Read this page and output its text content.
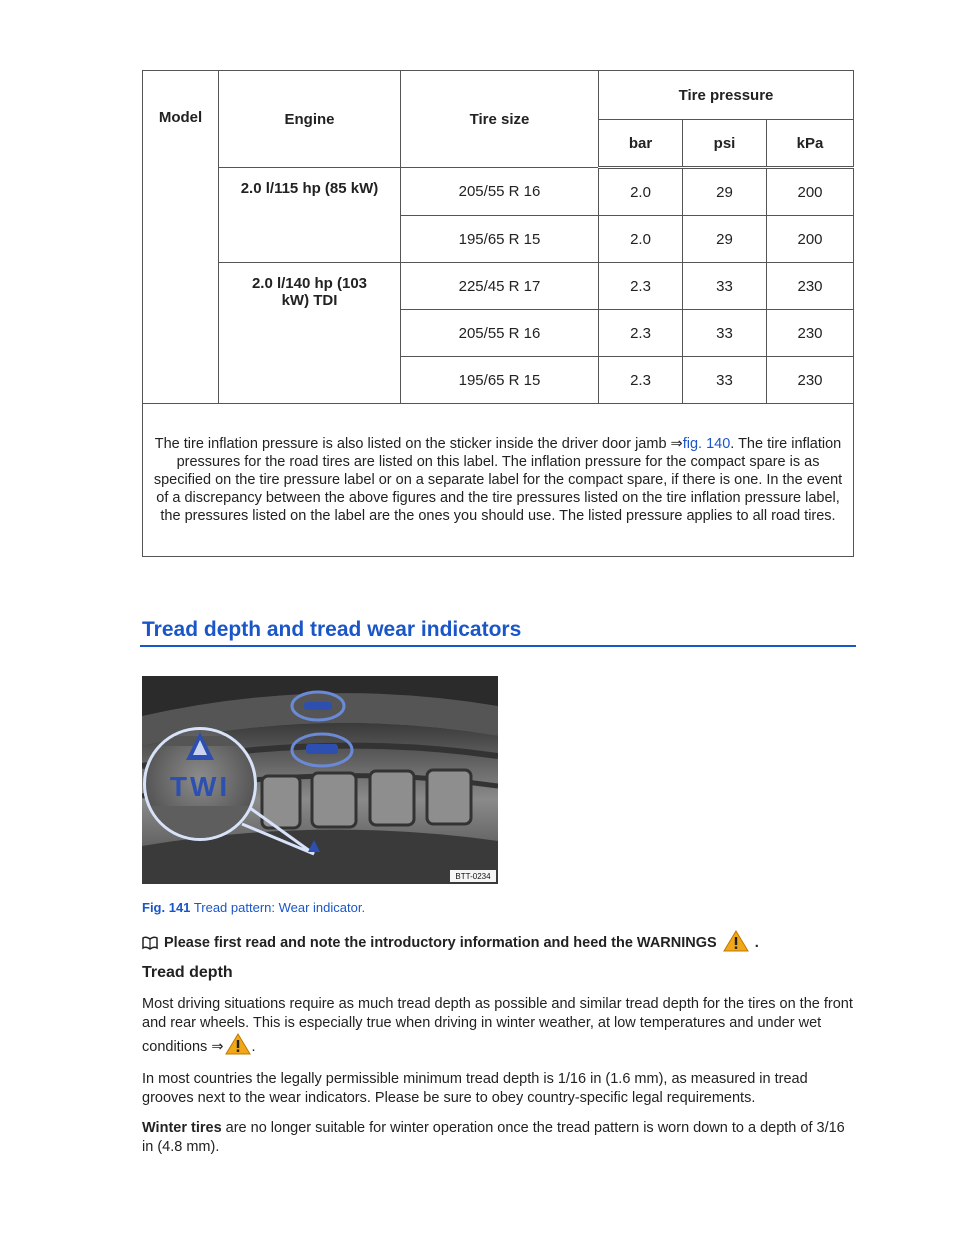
Model	Engine	Tire size	Tire pressure		
			bar	psi	kPa
	2.0 l/115 hp (85 kW)	205/55 R 16	2.0	29	200
		195/65 R 15	2.0	29	200
	2.0 l/140 hp (103 kW) TDI	225/45 R 17	2.3	33	230
		205/55 R 16	2.3	33	230
		195/65 R 15	2.3	33	230
The tire inflation pressure is also listed on the sticker inside the driver door jamb ⇒fig. 140. The tire inflation pressures for the road tires are listed on this label. The inflation pressure for the compact spare is as specified on the tire pressure label or on a separate label for the compact spare, if there is one. In the event of a discrepancy between the above figures and the tire pressures listed on the tire inflation pressure label, the pressures listed on the label are the ones you should use. The listed pressure applies to all road tires.					
Tread depth and tread wear indicators
TWI
BTT-0234
Fig. 141 Tread pattern: Wear indicator.
Please first read and note the introductory information and heed the WARNINGS	.
Tread depth
Most driving situations require as much tread depth as possible and similar tread depth for the tires on the front and rear wheels. This is especially true when driving in winter weather, at low temperatures and under wet conditions ⇒ .
In most countries the legally permissible minimum tread depth is 1/16 in (1.6 mm), as measured in tread grooves next to the wear indicators. Please be sure to obey country-specific legal requirements.
Winter tires are no longer suitable for winter operation once the tread pattern is worn down to a depth of 3/16 in (4.8 mm).
